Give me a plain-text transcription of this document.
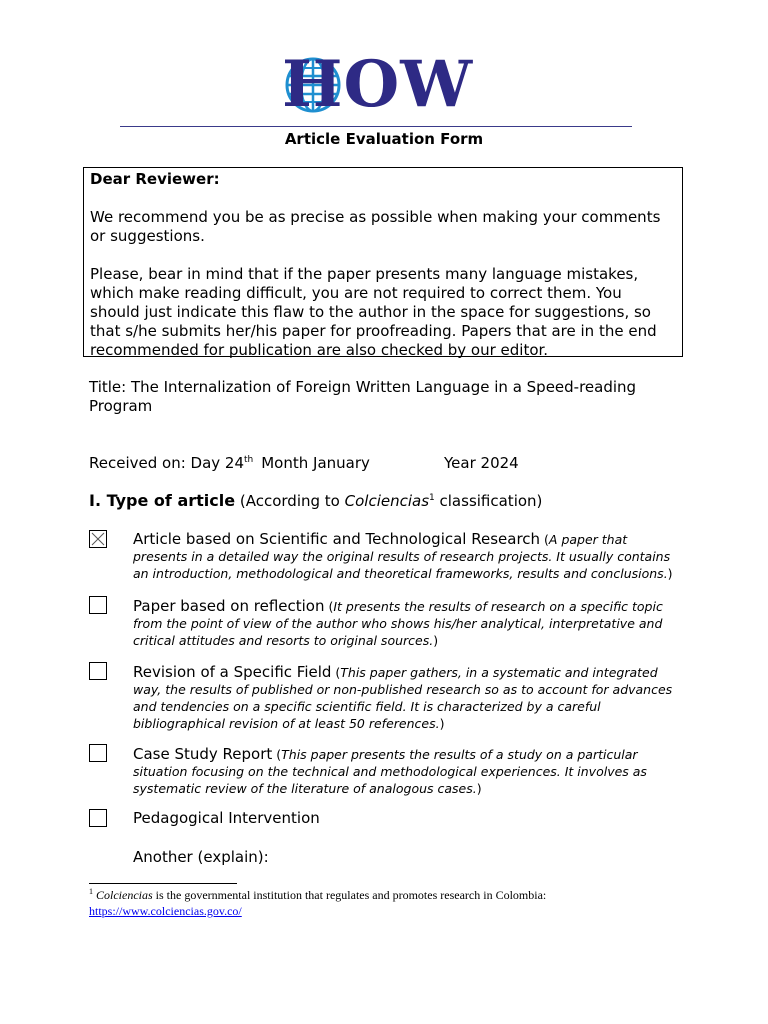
HOW
Article Evaluation Form

Dear Reviewer:

We recommend you be as precise as possible when making your comments or suggestions.

Please, bear in mind that if the paper presents many language mistakes, which make reading difficult, you are not required to correct them. You should just indicate this flaw to the author in the space for suggestions, so that s/he submits her/his paper for proofreading. Papers that are in the end recommended for publication are also checked by our editor.

Title: The Internalization of Foreign Written Language in a Speed-reading Program
Received on: Day 24th Month January	Year 2024
I. Type of article (According to Colciencias$^1$ classification)
Article based on Scientific and Technological Research (A paper that presents in a detailed way the original results of research projects. It usually contains an introduction, methodological and theoretical frameworks, results and conclusions.)
Paper based on reflection (It presents the results of research on a specific topic from the point of view of the author who shows his/her analytical, interpretative and critical attitudes and resorts to original sources.)
Revision of a Specific Field (This paper gathers, in a systematic and integrated way, the results of published or non-published research so as to account for advances and tendencies on a specific scientific field. It is characterized by a careful bibliographical revision of at least 50 references.)
Case Study Report (This paper presents the results of a study on a particular situation focusing on the technical and methodological experiences. It involves as systematic review of the literature of analogous cases.)
Pedagogical Intervention
Another (explain):
$^1$ Colciencias is the governmental institution that regulates and promotes research in Colombia:
https://www.colciencias.gov.co/
